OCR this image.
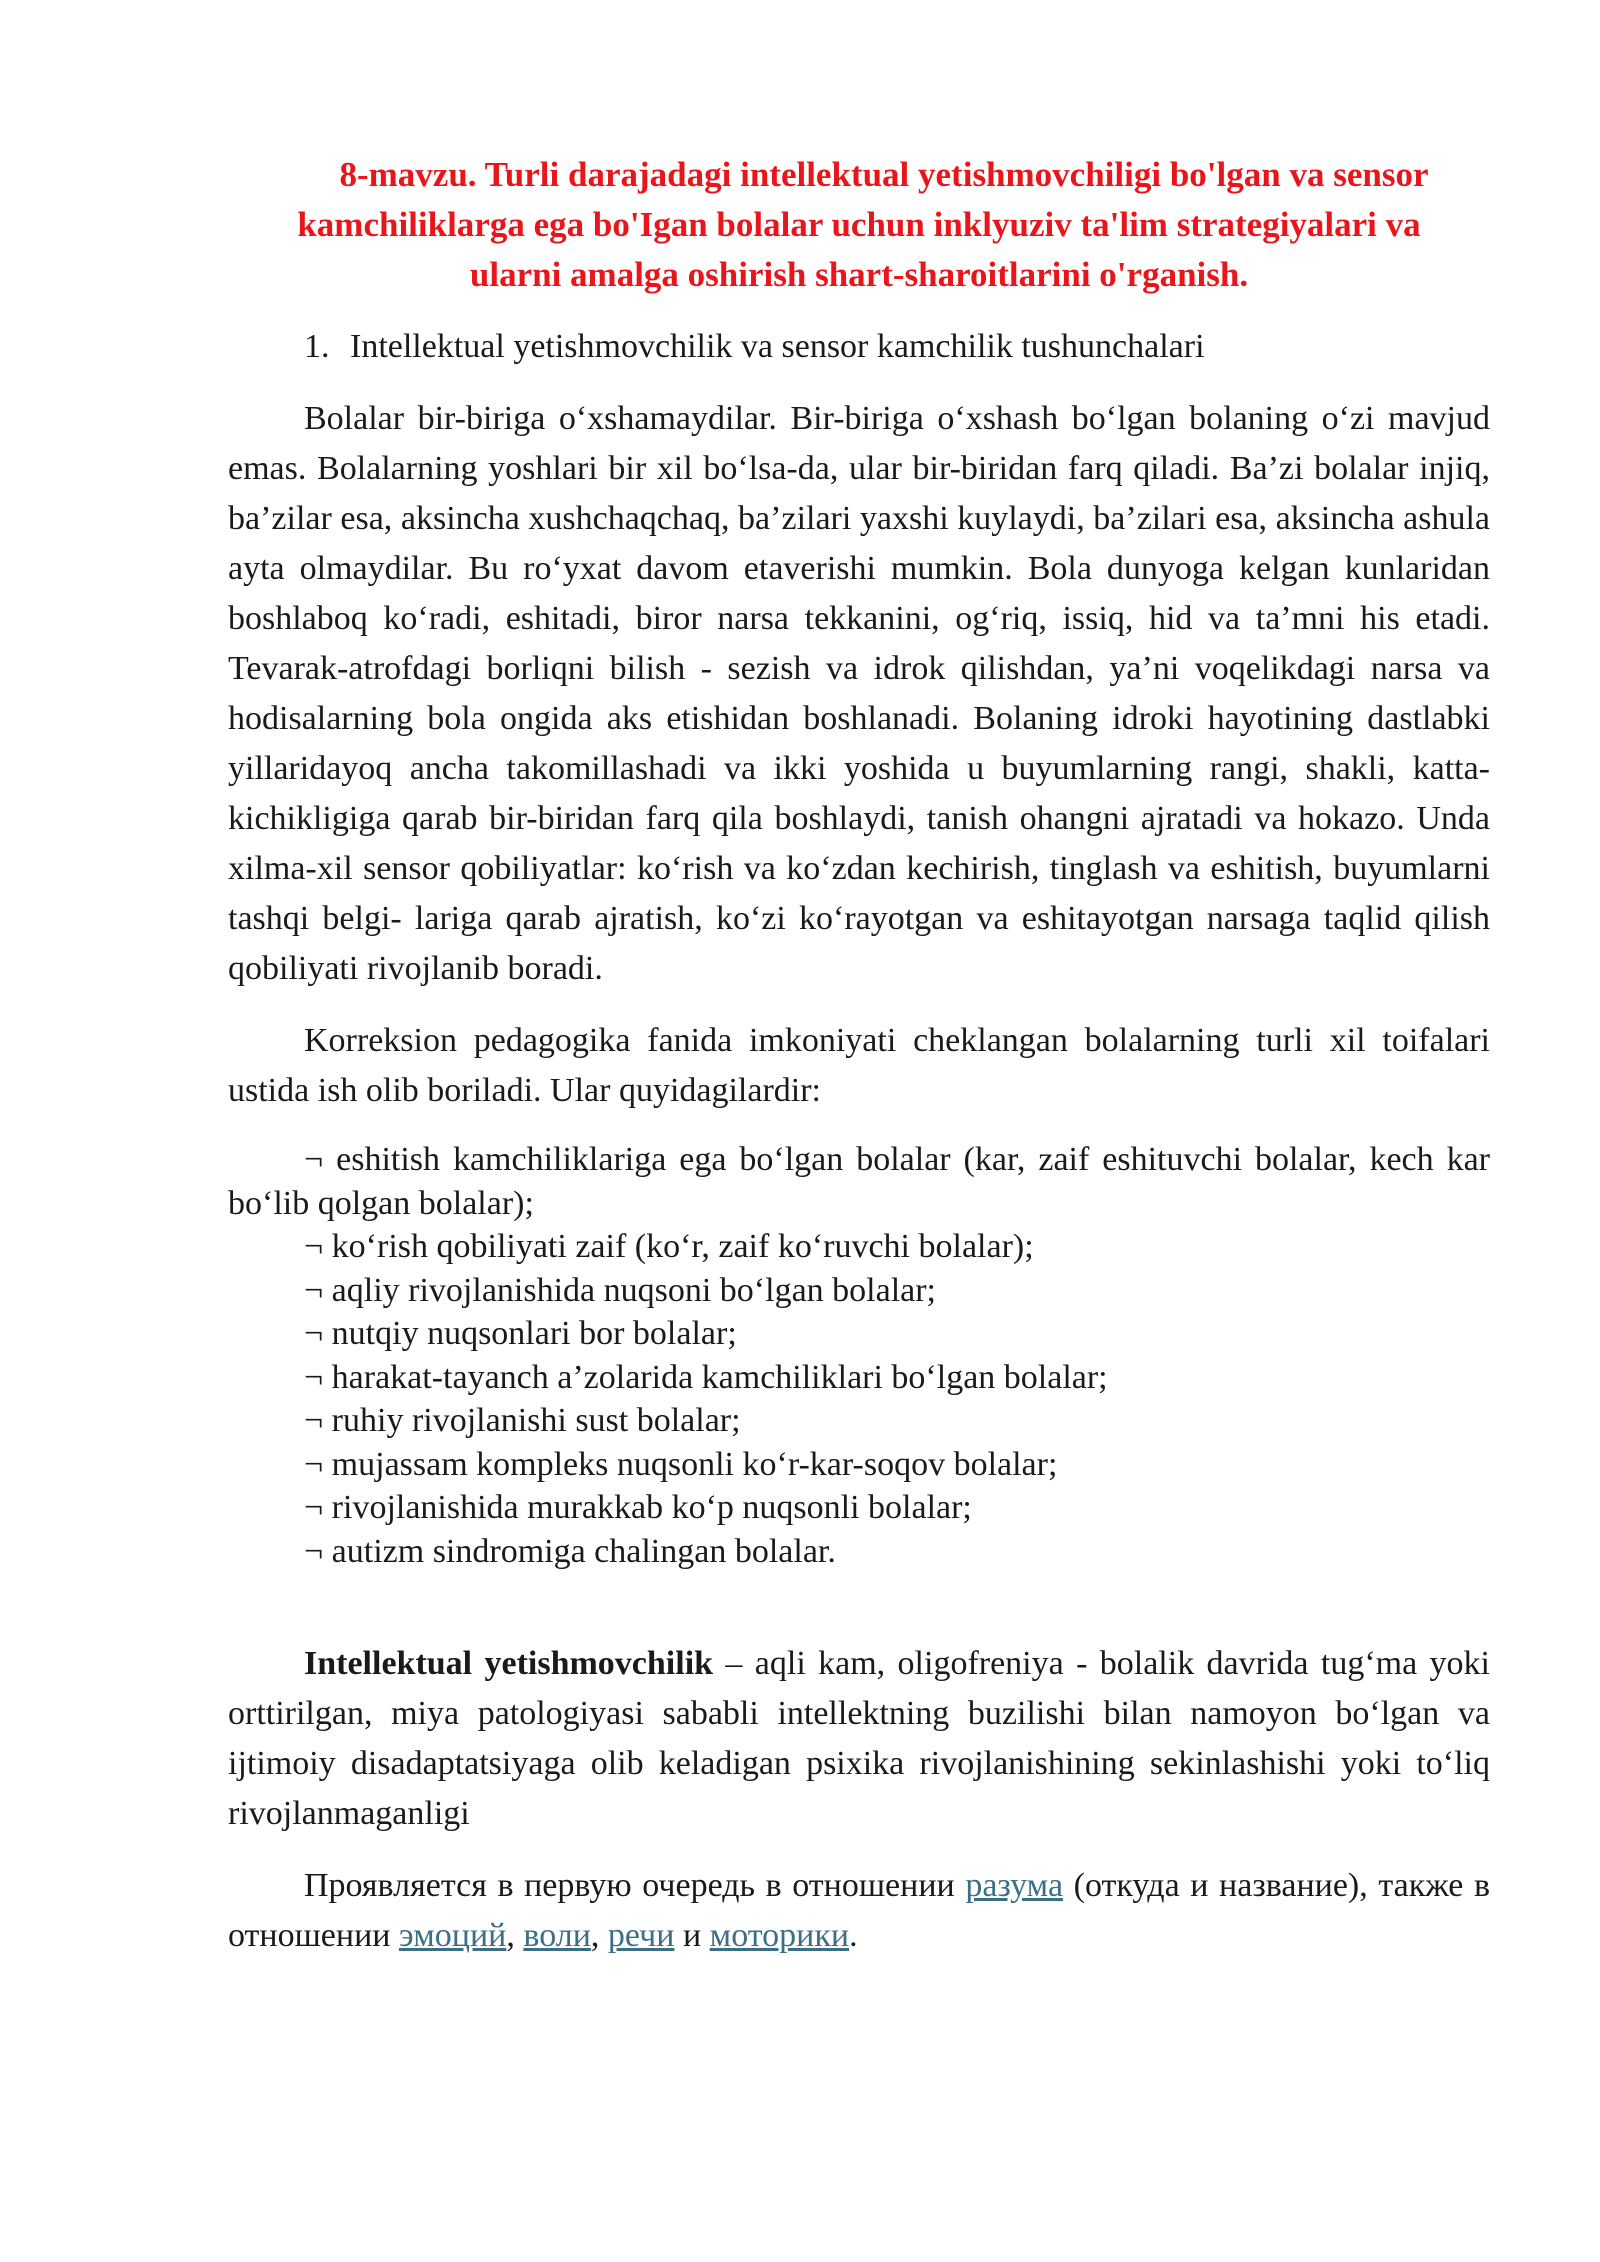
8-mavzu. Turli darajadagi intellektual yetishmovchiligi bo'lgan va sensor
kamchiliklarga ega bo'Igan bolalar uchun inklyuziv ta'lim strategiyalari va
ularni amalga oshirish shart-sharoitlarini o'rganish.
1. Intellektual yetishmovchilik va sensor kamchilik tushunchalari

Bolalar bir-biriga o‘xshamaydilar. Bir-biriga o‘xshash bo‘lgan bolaning o‘zi mavjud emas. Bolalarning yoshlari bir xil bo‘lsa-da, ular bir-biridan farq qiladi. Ba’zi bolalar injiq, ba’zilar esa, aksincha xushchaqchaq, ba’zilari yaxshi kuylaydi, ba’zilari esa, aksincha ashula ayta olmaydilar. Bu ro‘yxat davom etaverishi mumkin. Bola dunyoga kelgan kunlaridan boshlaboq ko‘radi, eshitadi, biror narsa tekkanini, og‘riq, issiq, hid va ta’mni his etadi. Tevarak-atrofdagi borliqni bilish - sezish va idrok qilishdan, ya’ni voqelikdagi narsa va hodisalarning bola ongida aks etishidan boshlanadi. Bolaning idroki hayotining dastlabki yillaridayoq ancha takomillashadi va ikki yoshida u buyumlarning rangi, shakli, katta- kichikligiga qarab bir-biridan farq qila boshlaydi, tanish ohangni ajratadi va hokazo. Unda xilma-xil sensor qobiliyatlar: ko‘rish va ko‘zdan kechirish, tinglash va eshitish, buyumlarni tashqi belgi- lariga qarab ajratish, ko‘zi ko‘rayotgan va eshitayotgan narsaga taqlid qilish qobiliyati rivojlanib boradi.

Korreksion pedagogika fanida imkoniyati cheklangan bolalarning turli xil toifalari ustida ish olib boriladi. Ular quyidagilardir:

¬ eshitish kamchiliklariga ega bo‘lgan bolalar (kar, zaif eshituvchi bolalar, kech kar bo‘lib qolgan bolalar);
¬ ko‘rish qobiliyati zaif (ko‘r, zaif ko‘ruvchi bolalar);
¬ aqliy rivojlanishida nuqsoni bo‘lgan bolalar;
¬ nutqiy nuqsonlari bor bolalar;
¬ harakat-tayanch a’zolarida kamchiliklari bo‘lgan bolalar;
¬ ruhiy rivojlanishi sust bolalar;
¬ mujassam kompleks nuqsonli ko‘r-kar-soqov bolalar;
¬ rivojlanishida murakkab ko‘p nuqsonli bolalar;
¬ autizm sindromiga chalingan bolalar.

Intellektual yetishmovchilik – aqli kam, oligofreniya - bolalik davrida tug‘ma yoki orttirilgan, miya patologiyasi sababli intellektning buzilishi bilan namoyon bo‘lgan va ijtimoiy disadaptatsiyaga olib keladigan psixika rivojlanishining sekinlashishi yoki to‘liq rivojlanmaganligi

Проявляется в первую очередь в отношении разума (откуда и название), также в отношении эмоций, воли, речи и моторики.
